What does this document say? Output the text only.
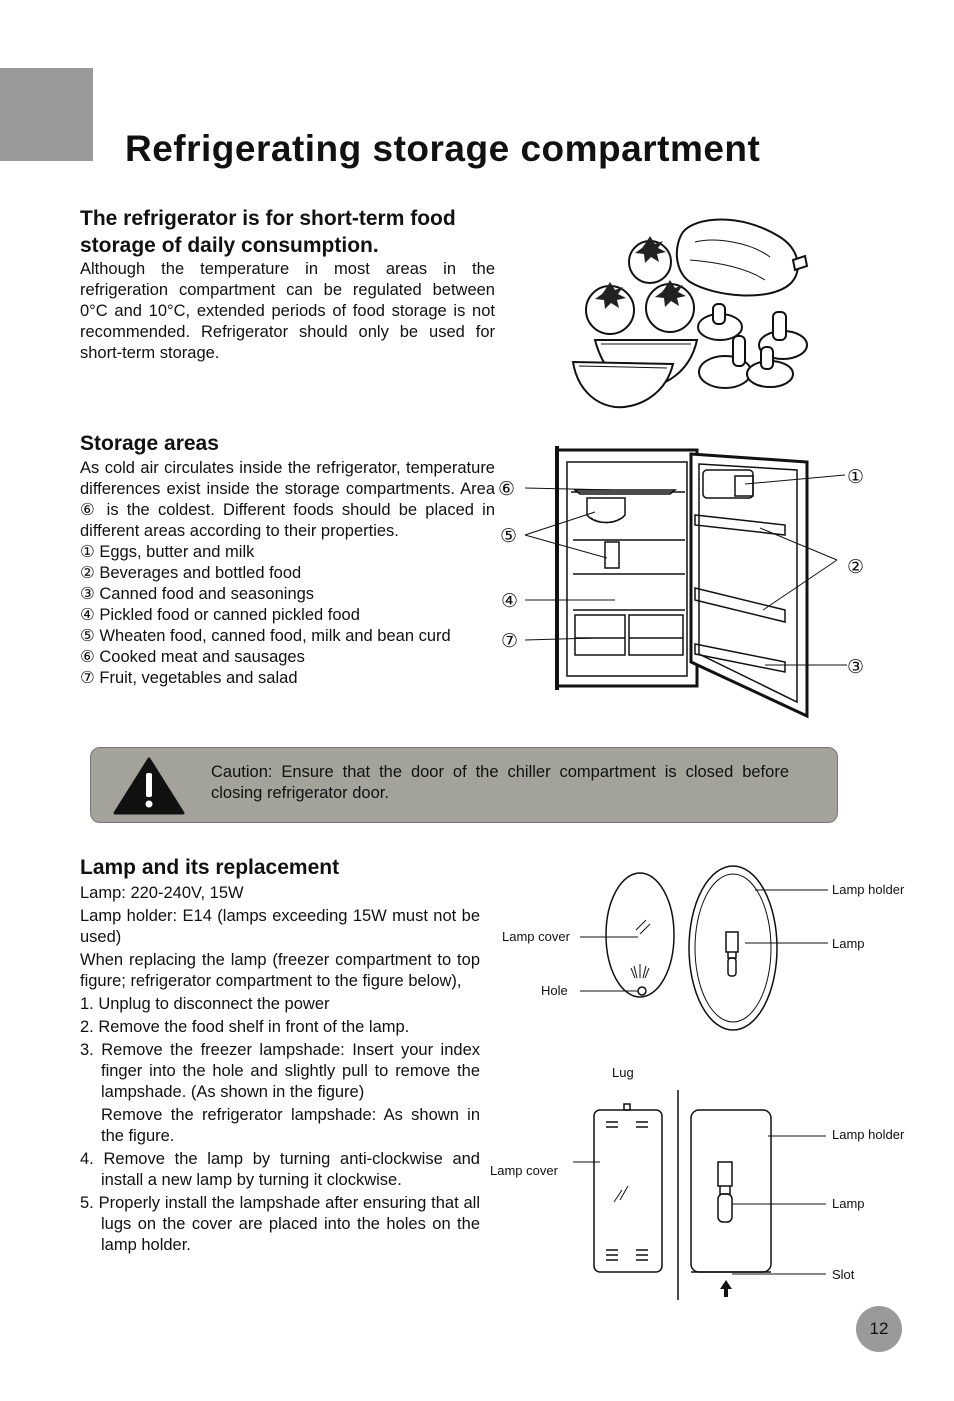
Refrigerating storage compartment
The refrigerator is for short-term food storage of daily consumption.

Although the temperature in most areas in the refrigeration compartment can be regulated between 0°C and 10°C, extended periods of food storage is not recommended. Refrigerator should only be used for short-term storage.

Storage areas

As cold air circulates inside the refrigerator, temperature differences exist inside the storage compartments. Area ⑥ is the coldest. Different foods should be placed in different areas according to their properties.

① Eggs, butter and milk

② Beverages and bottled food

③ Canned food and seasonings

④ Pickled food or canned pickled food

⑤ Wheaten food, canned food, milk and bean curd

⑥ Cooked meat and sausages

⑦ Fruit, vegetables and salad

⑥
⑤
④
⑦
①
②
③
Caution: Ensure that the door of the chiller compartment is closed before closing refrigerator door.
Lamp and its replacement

Lamp: 220-240V, 15W

Lamp holder: E14 (lamps exceeding 15W must not be used)

When replacing the lamp (freezer compartment to top figure; refrigerator compartment to the figure below),

1. Unplug to disconnect the power

2. Remove the food shelf in front of the lamp.

3. Remove the freezer lampshade: Insert your index finger into the hole and slightly pull to remove the lampshade. (As shown in the figure)

Remove the refrigerator lampshade: As shown in the figure.

4. Remove the lamp by turning anti-clockwise and install a new lamp by turning it clockwise.

5. Properly install the lampshade after ensuring that all lugs on the cover are placed into the holes on the lamp holder.

Lamp holder
Lamp cover	Lamp
Hole
Lug
Lamp holder
Lamp cover
Lamp
Slot
12
